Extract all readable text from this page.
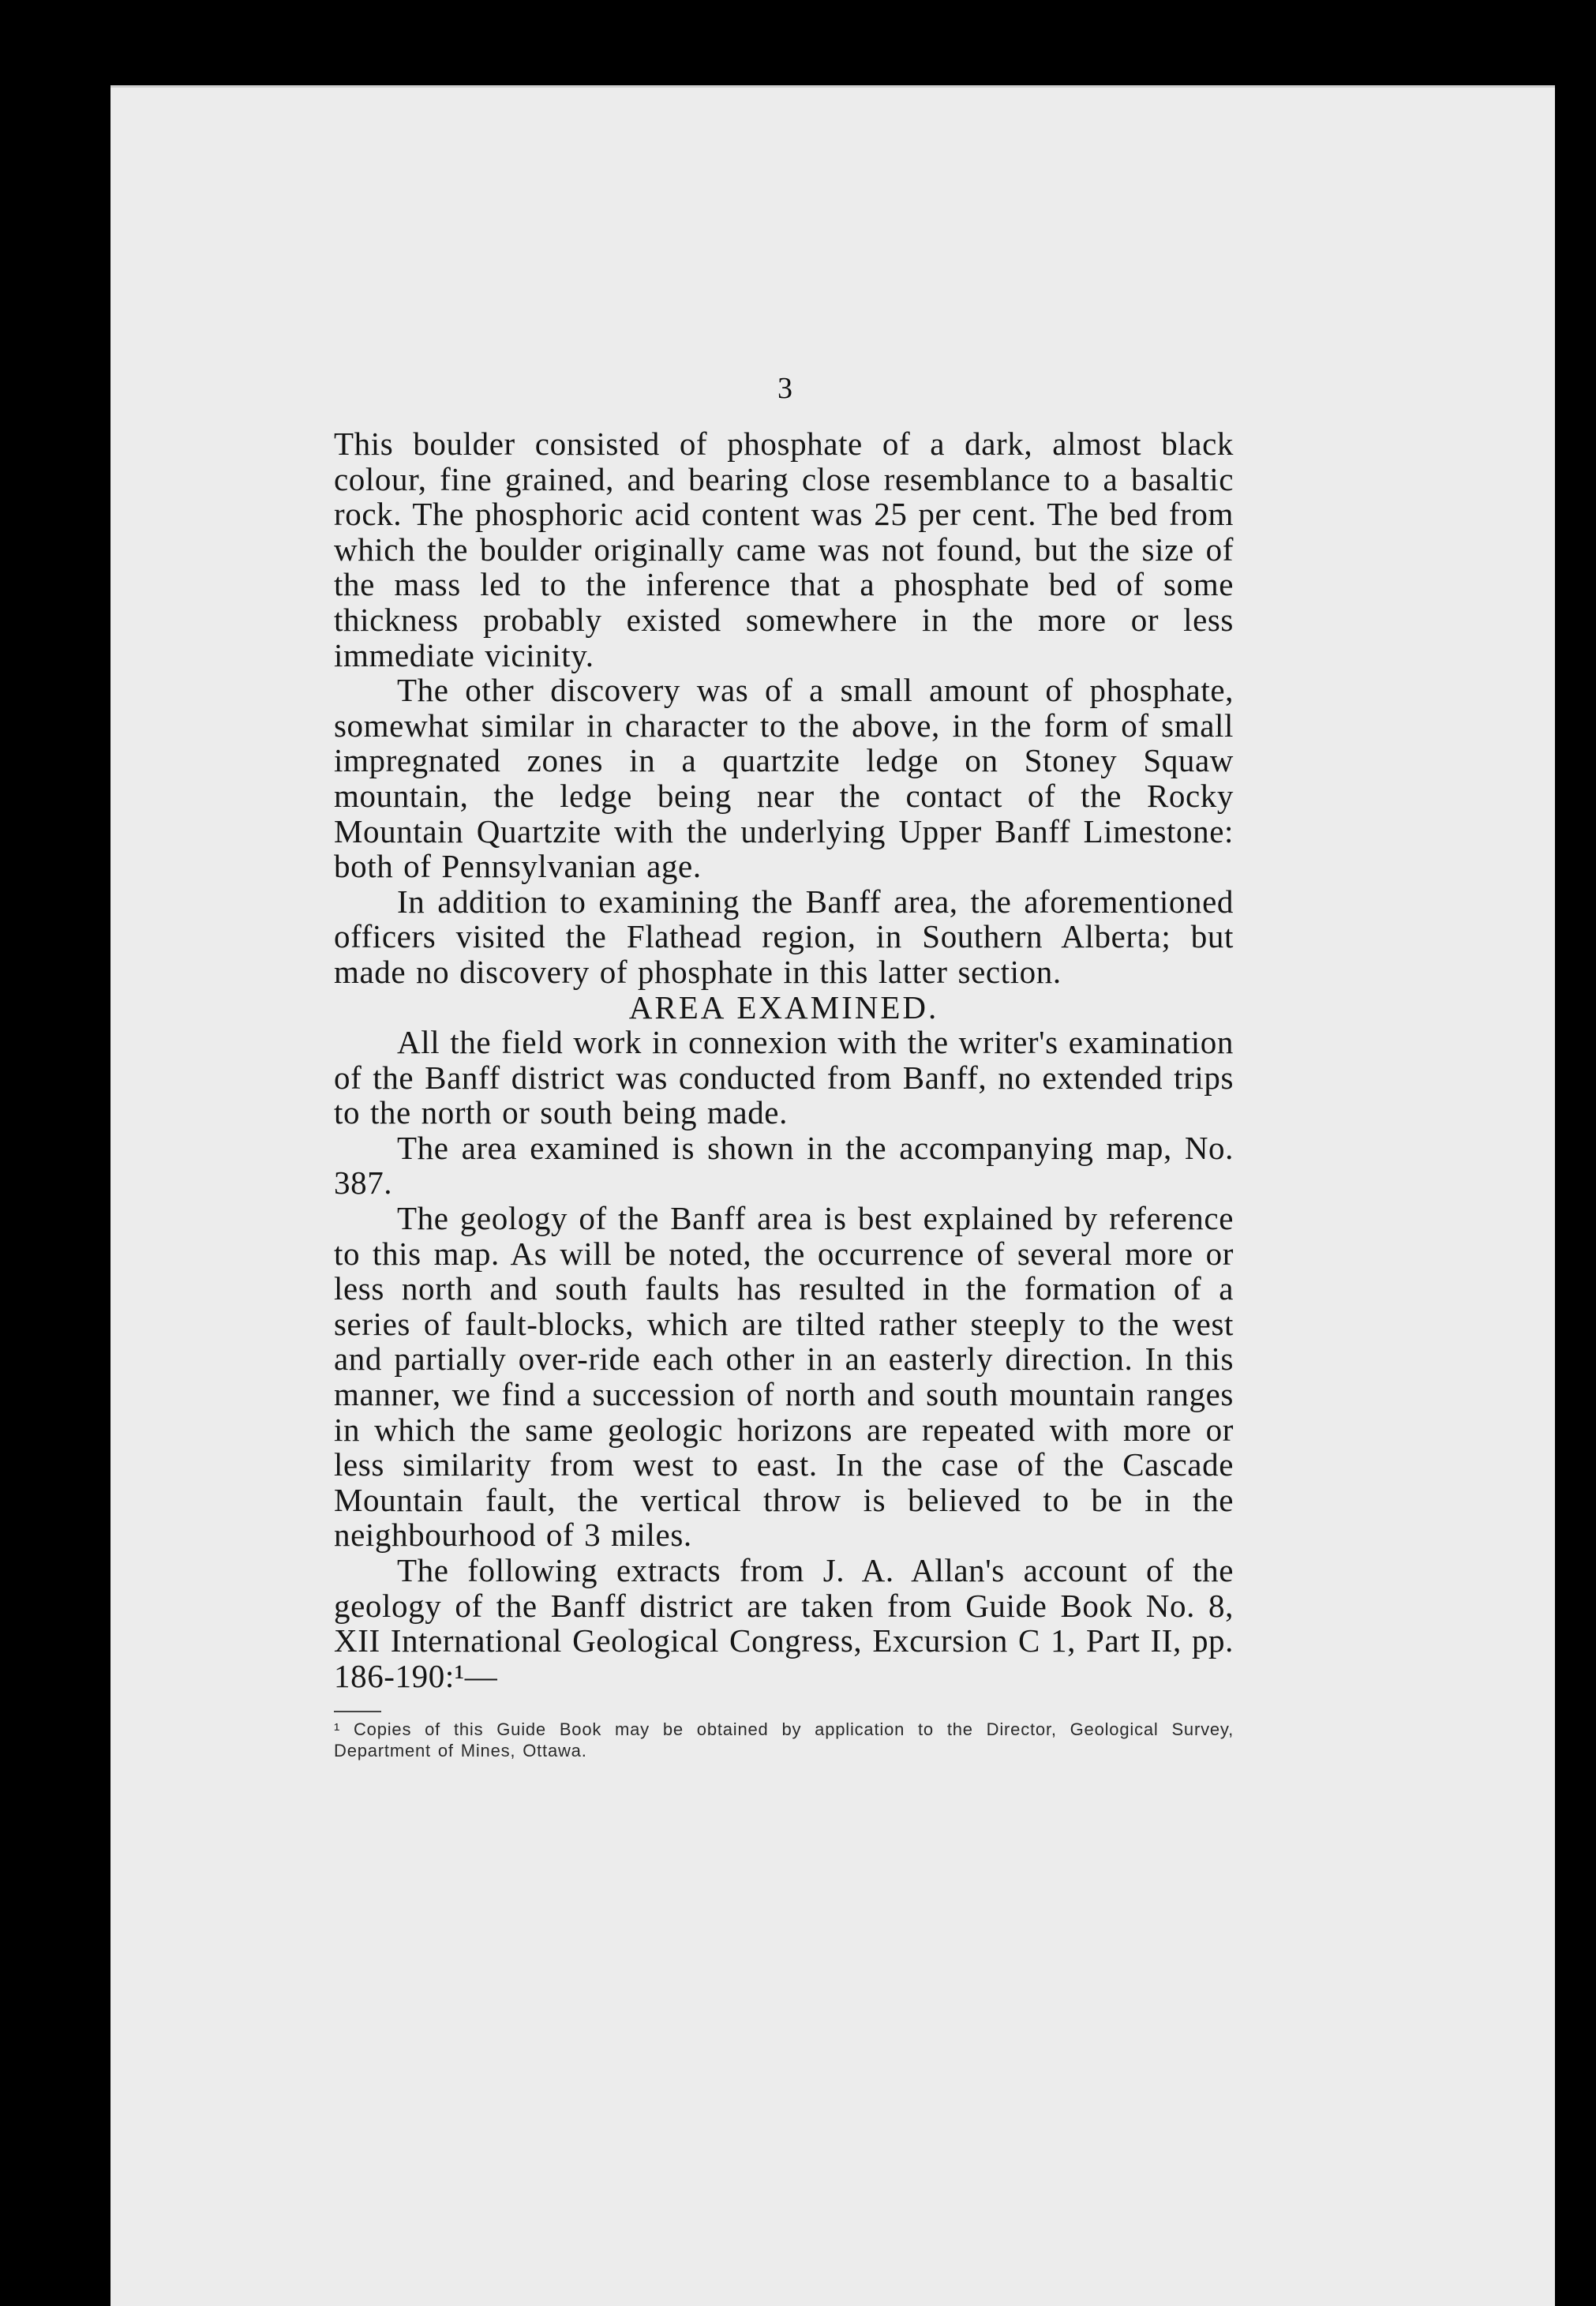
3

This boulder consisted of phosphate of a dark, almost black colour, fine grained, and bearing close resemblance to a basaltic rock. The phosphoric acid content was 25 per cent. The bed from which the boulder originally came was not found, but the size of the mass led to the inference that a phosphate bed of some thickness probably existed somewhere in the more or less immediate vicinity.

The other discovery was of a small amount of phosphate, somewhat similar in character to the above, in the form of small impregnated zones in a quartzite ledge on Stoney Squaw mountain, the ledge being near the contact of the Rocky Mountain Quartzite with the underlying Upper Banff Limestone: both of Pennsylvanian age.

In addition to examining the Banff area, the aforementioned officers visited the Flathead region, in Southern Alberta; but made no discovery of phosphate in this latter section.

AREA EXAMINED.

All the field work in connexion with the writer's examination of the Banff district was conducted from Banff, no extended trips to the north or south being made.

The area examined is shown in the accompanying map, No. 387.

The geology of the Banff area is best explained by reference to this map. As will be noted, the occurrence of several more or less north and south faults has resulted in the formation of a series of fault-blocks, which are tilted rather steeply to the west and partially over-ride each other in an easterly direction. In this manner, we find a succession of north and south mountain ranges in which the same geologic horizons are repeated with more or less similarity from west to east. In the case of the Cascade Mountain fault, the vertical throw is believed to be in the neighbourhood of 3 miles.

The following extracts from J. A. Allan's account of the geology of the Banff district are taken from Guide Book No. 8, XII International Geological Congress, Excursion C 1, Part II, pp. 186-190:¹—

¹ Copies of this Guide Book may be obtained by application to the Director, Geological Survey, Department of Mines, Ottawa.
